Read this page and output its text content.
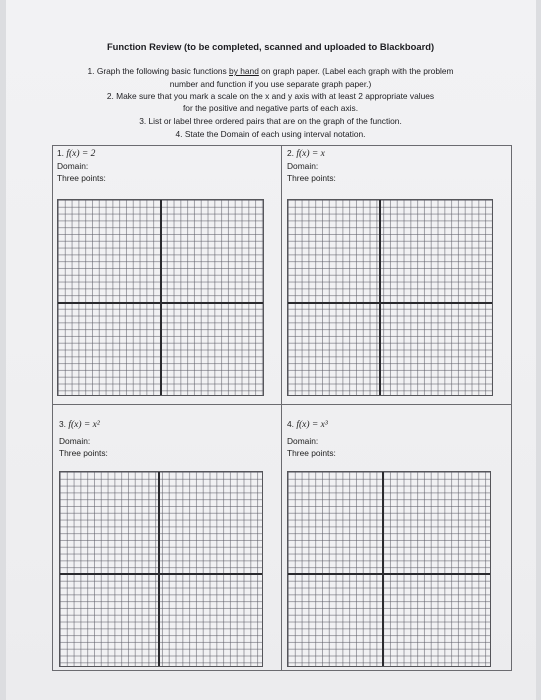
Function Review (to be completed, scanned and uploaded to Blackboard)
1. Graph the following basic functions by hand on graph paper. (Label each graph with the problem
number and function if you use separate graph paper.)
2. Make sure that you mark a scale on the x and y axis with at least 2 appropriate values
for the positive and negative parts of each axis.
3. List or label three ordered pairs that are on the graph of the function.
4. State the Domain of each using interval notation.
1. f(x) = 2
Domain:
Three points:
2. f(x) = x
Domain:
Three points:
3. f(x) = x²
Domain:
Three points:
4. f(x) = x³
Domain:
Three points:
